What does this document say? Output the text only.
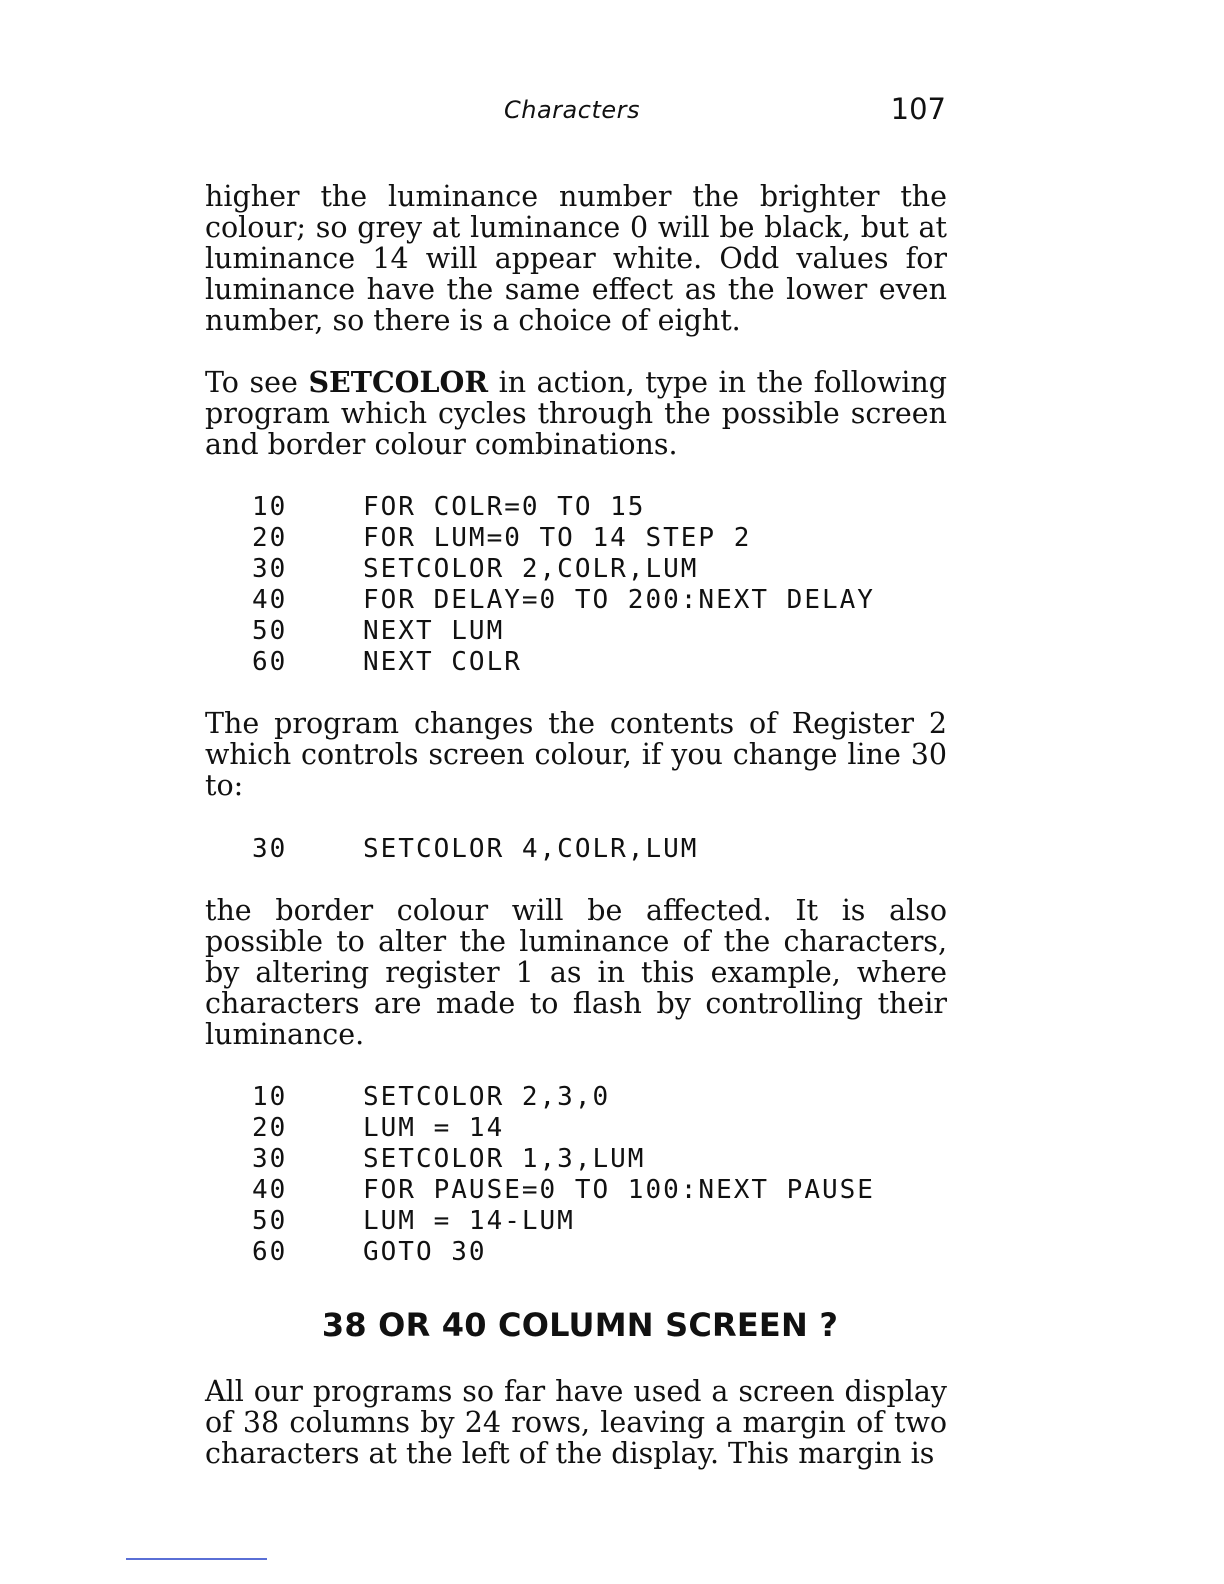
Characters	107

higher the luminance number the brighter the colour; so grey at luminance 0 will be black, but at luminance 14 will appear white. Odd values for luminance have the same effect as the lower even number, so there is a choice of eight.

To see SETCOLOR in action, type in the following program which cycles through the possible screen and border colour combinations.

10	FOR COLR=0 TO 15
20	FOR LUM=0 TO 14 STEP 2
30	SETCOLOR 2,COLR,LUM
40	FOR DELAY=0 TO 200:NEXT DELAY
50	NEXT LUM
60	NEXT COLR

The program changes the contents of Register 2 which controls screen colour, if you change line 30 to:

30	SETCOLOR 4,COLR,LUM

the border colour will be affected. It is also possible to alter the luminance of the characters, by altering register 1 as in this example, where characters are made to flash by controlling their luminance.

10	SETCOLOR 2,3,0
20	LUM = 14
30	SETCOLOR 1,3,LUM
40	FOR PAUSE=0 TO 100:NEXT PAUSE
50	LUM = 14-LUM
60	GOTO 30
38 OR 40 COLUMN SCREEN ?

All our programs so far have used a screen display of 38 columns by 24 rows, leaving a margin of two characters at the left of the display. This margin is
